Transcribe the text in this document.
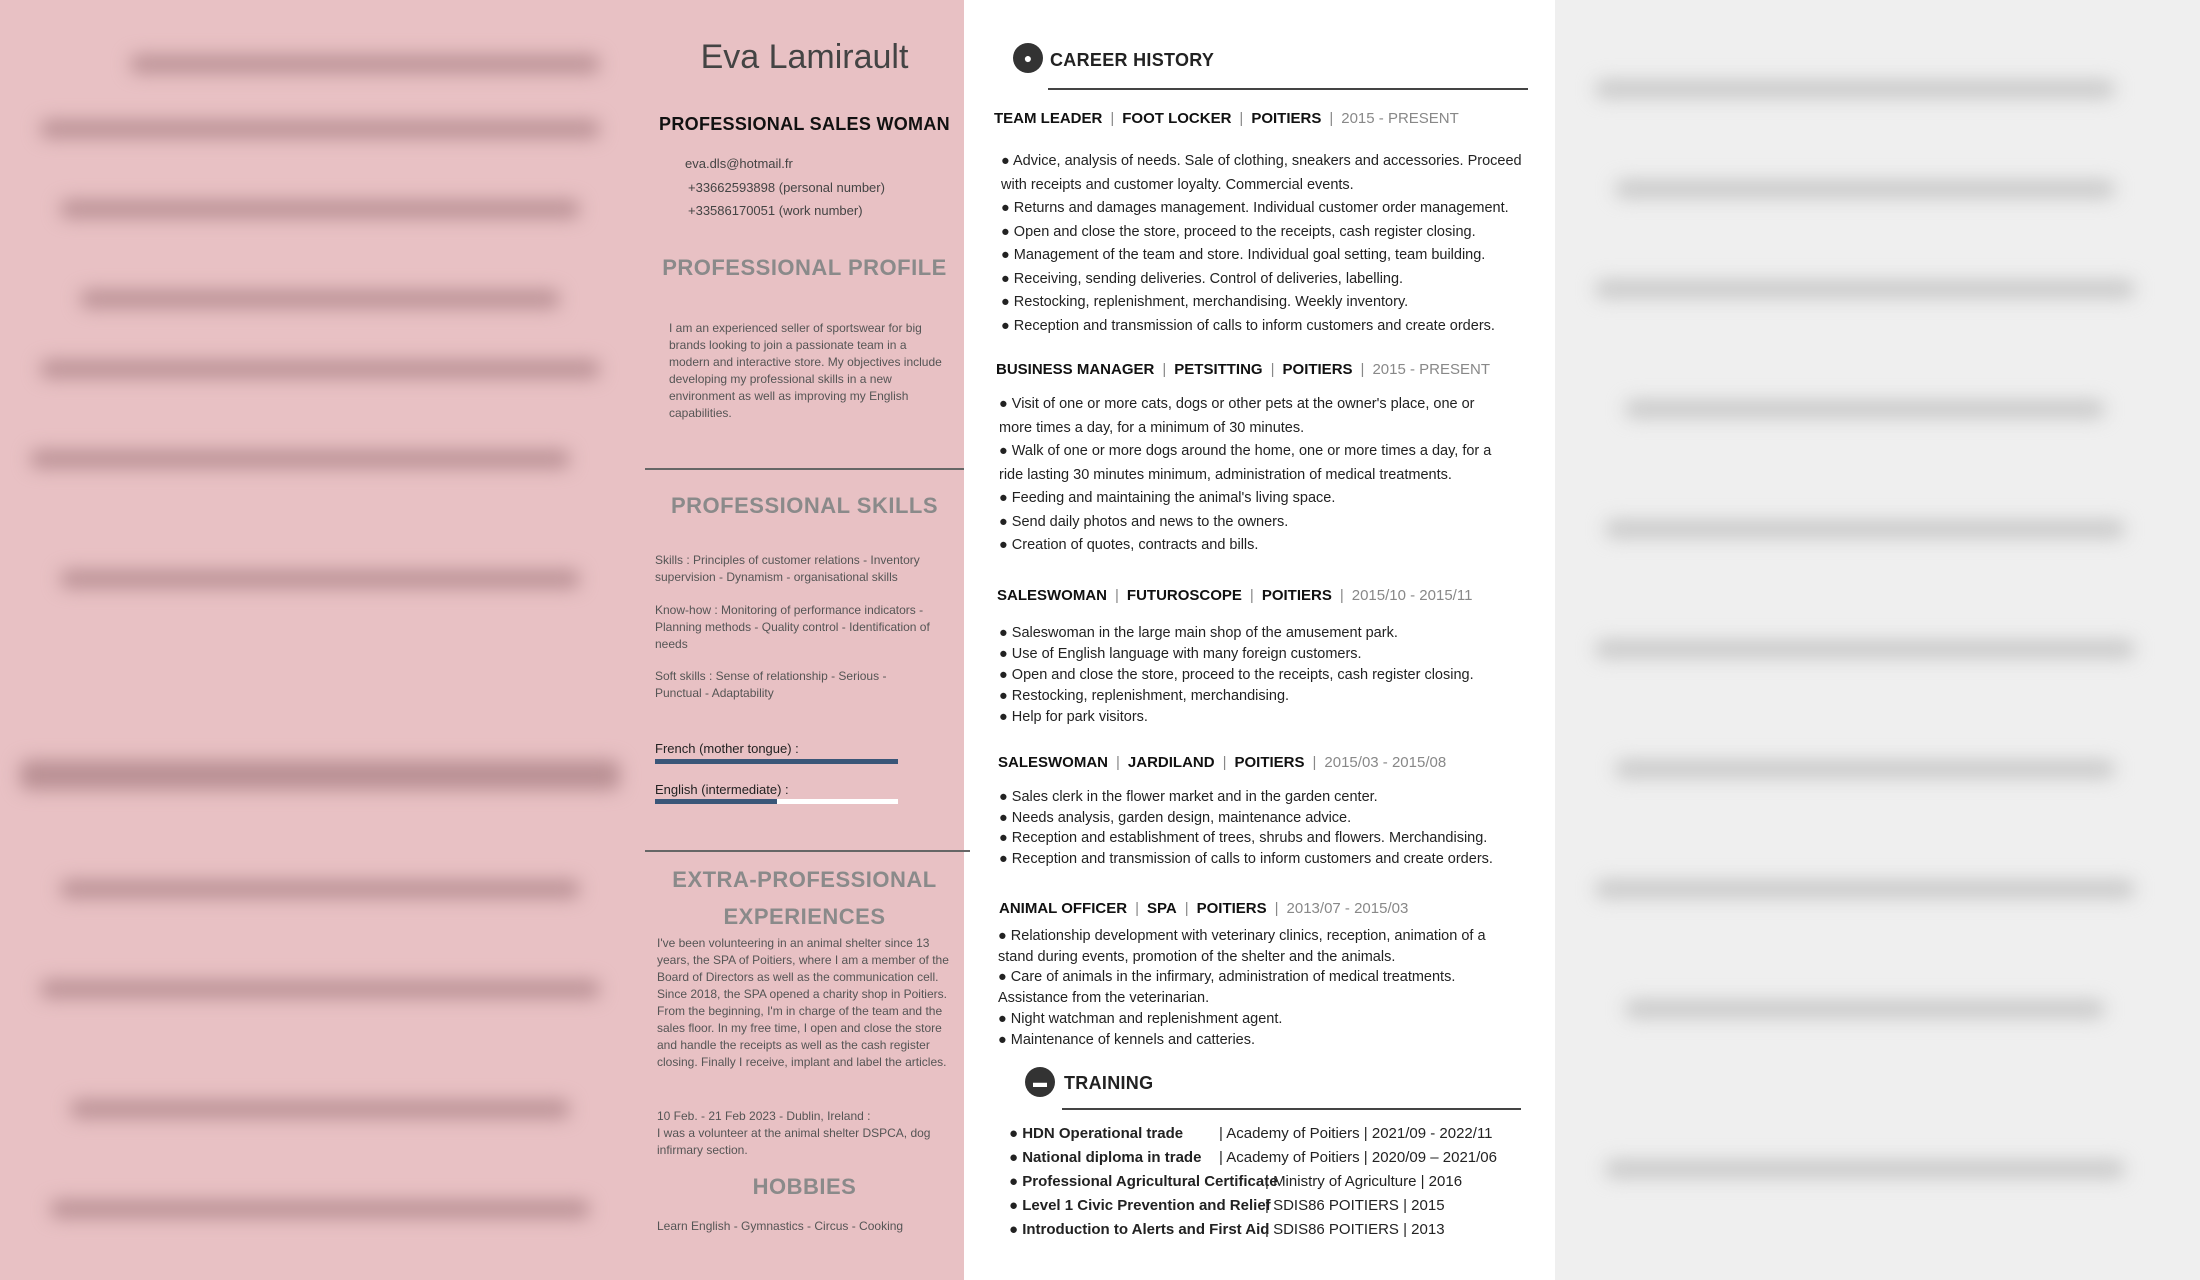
Eva Lamirault
PROFESSIONAL SALES WOMAN
eva.dls@hotmail.fr
+33662593898 (personal number)
+33586170051 (work number)
PROFESSIONAL PROFILE
I am an experienced seller of sportswear for big brands looking to join a passionate team in a modern and interactive store. My objectives include developing my professional skills in a new environment as well as improving my English capabilities.
PROFESSIONAL SKILLS
Skills : Principles of customer relations - Inventory supervision - Dynamism - organisational skills
Know-how : Monitoring of performance indicators - Planning methods - Quality control - Identification of needs
Soft skills : Sense of relationship - Serious - Punctual - Adaptability
French (mother tongue) :
English (intermediate) :
EXTRA-PROFESSIONAL
EXPERIENCES
I've been volunteering in an animal shelter since 13 years, the SPA of Poitiers, where I am a member of the Board of Directors as well as the communication cell. Since 2018, the SPA opened a charity shop in Poitiers. From the beginning, I'm in charge of the team and the sales floor. In my free time, I open and close the store and handle the receipts as well as the cash register closing. Finally I receive, implant and label the articles.
10 Feb. - 21 Feb 2023 - Dublin, Ireland :
I was a volunteer at the animal shelter DSPCA, dog infirmary section.
HOBBIES
Learn English - Gymnastics - Circus - Cooking
● CAREER HISTORY
TEAM LEADER | FOOT LOCKER | POITIERS | 2015 - PRESENT
● Advice, analysis of needs. Sale of clothing, sneakers and accessories. Proceed
with receipts and customer loyalty. Commercial events.
● Returns and damages management. Individual customer order management.
● Open and close the store, proceed to the receipts, cash register closing.
● Management of the team and store. Individual goal setting, team building.
● Receiving, sending deliveries. Control of deliveries, labelling.
● Restocking, replenishment, merchandising. Weekly inventory.
● Reception and transmission of calls to inform customers and create orders.
BUSINESS MANAGER | PETSITTING | POITIERS | 2015 - PRESENT
● Visit of one or more cats, dogs or other pets at the owner's place, one or
more times a day, for a minimum of 30 minutes.
● Walk of one or more dogs around the home, one or more times a day, for a
ride lasting 30 minutes minimum, administration of medical treatments.
● Feeding and maintaining the animal's living space.
● Send daily photos and news to the owners.
● Creation of quotes, contracts and bills.
SALESWOMAN | FUTUROSCOPE | POITIERS | 2015/10 - 2015/11
● Saleswoman in the large main shop of the amusement park.
● Use of English language with many foreign customers.
● Open and close the store, proceed to the receipts, cash register closing.
● Restocking, replenishment, merchandising.
● Help for park visitors.
SALESWOMAN | JARDILAND | POITIERS | 2015/03 - 2015/08
● Sales clerk in the flower market and in the garden center.
● Needs analysis, garden design, maintenance advice.
● Reception and establishment of trees, shrubs and flowers. Merchandising.
● Reception and transmission of calls to inform customers and create orders.
ANIMAL OFFICER | SPA | POITIERS | 2013/07 - 2015/03
● Relationship development with veterinary clinics, reception, animation of a
stand during events, promotion of the shelter and the animals.
● Care of animals in the infirmary, administration of medical treatments.
Assistance from the veterinarian.
● Night watchman and replenishment agent.
● Maintenance of kennels and catteries.
▬ TRAINING
● HDN Operational trade | Academy of Poitiers | 2021/09 - 2022/11
● National diploma in trade | Academy of Poitiers | 2020/09 – 2021/06
● Professional Agricultural Certificate
| Ministry of Agriculture | 2016
● Level 1 Civic Prevention and Relief
| SDIS86 POITIERS | 2015
● Introduction to Alerts and First Aid
| SDIS86 POITIERS | 2013
